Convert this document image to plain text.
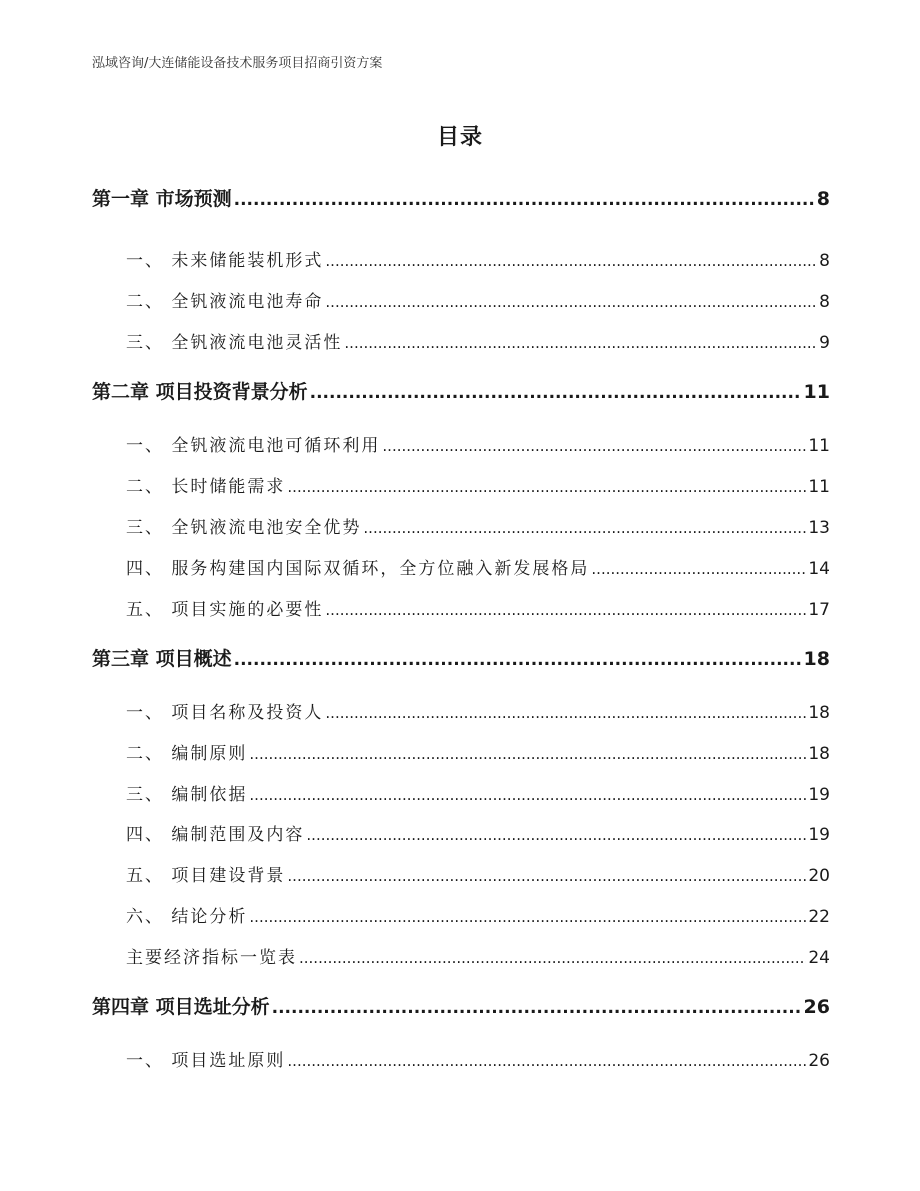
泓域咨询/大连储能设备技术服务项目招商引资方案
目录
第一章 市场预测 .....	8
一、 未来储能装机形式 .....	8
二、 全钒液流电池寿命 .....	8
三、 全钒液流电池灵活性 .....	9
第二章 项目投资背景分析 .....	11
一、 全钒液流电池可循环利用 .....	11
二、 长时储能需求 .....	11
三、 全钒液流电池安全优势 .....	13
四、 服务构建国内国际双循环，全方位融入新发展格局 .....	14
五、 项目实施的必要性 .....	17
第三章 项目概述 .....	18
一、 项目名称及投资人 .....	18
二、 编制原则 .....	18
三、 编制依据 .....	19
四、 编制范围及内容 .....	19
五、 项目建设背景 .....	20
六、 结论分析 .....	22
主要经济指标一览表 .....	24
第四章 项目选址分析 .....	26
一、 项目选址原则 .....	26
